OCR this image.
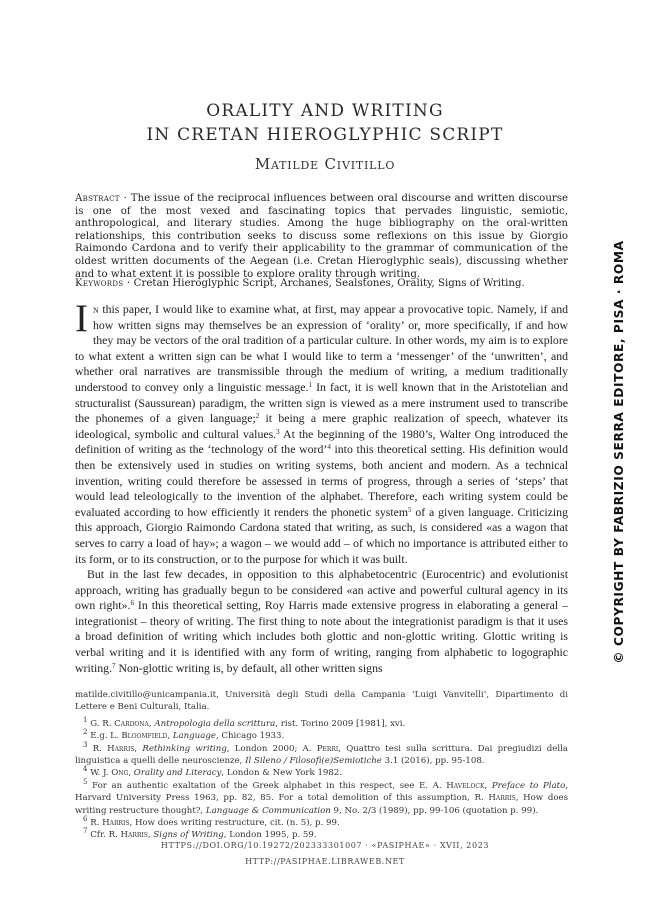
ORALITY AND WRITING
IN CRETAN HIEROGLYPHIC SCRIPT
Matilde Civitillo
Abstract · The issue of the reciprocal influences between oral discourse and written discourse is one of the most vexed and fascinating topics that pervades linguistic, semiotic, anthropological, and literary studies. Among the huge bibliography on the oral-written relationships, this contribution seeks to discuss some reflexions on this issue by Giorgio Raimondo Cardona and to verify their applicability to the grammar of communication of the oldest written documents of the Aegean (i.e. Cretan Hieroglyphic seals), discussing whether and to what extent it is possible to explore orality through writing.
Keywords · Cretan Hieroglyphic Script, Archanes, Sealstones, Orality, Signs of Writing.

In this paper, I would like to examine what, at first, may appear a provocative topic. Namely, if and how written signs may themselves be an expression of ‘orality’ or, more specifically, if and how they may be vectors of the oral tradition of a particular culture. In other words, my aim is to explore to what extent a written sign can be what I would like to term a ‘messenger’ of the ‘unwritten’, and whether oral narratives are transmissible through the medium of writing, a medium traditionally understood to convey only a linguistic message.$^1$ In fact, it is well known that in the Aristotelian and structuralist (Saussurean) paradigm, the written sign is viewed as a mere instrument used to transcribe the phonemes of a given language;$^2$ it being a mere graphic realization of speech, whatever its ideological, symbolic and cultural values.$^3$ At the beginning of the 1980’s, Walter Ong introduced the definition of writing as the ‘technology of the word’$^4$ into this theoretical setting. His definition would then be extensively used in studies on writing systems, both ancient and modern. As a technical invention, writing could therefore be assessed in terms of progress, through a series of ‘steps’ that would lead teleologically to the invention of the alphabet. Therefore, each writing system could be evaluated according to how efficiently it renders the phonetic system$^5$ of a given language. Criticizing this approach, Giorgio Raimondo Cardona stated that writing, as such, is considered «as a wagon that serves to carry a load of hay»; a wagon – we would add – of which no importance is attributed either to its form, or to its construction, or to the purpose for which it was built.

But in the last few decades, in opposition to this alphabetocentric (Eurocentric) and evolutionist approach, writing has gradually begun to be considered «an active and powerful cultural agency in its own right».$^6$ In this theoretical setting, Roy Harris made extensive progress in elaborating a general – integrationist – theory of writing. The first thing to note about the integrationist paradigm is that it uses a broad definition of writing which includes both glottic and non-glottic writing. Glottic writing is verbal writing and it is identified with any form of writing, ranging from alphabetic to logographic writing.$^7$ Non-glottic writing is, by default, all other written signs

matilde.civitillo@unicampania.it, Università degli Studi della Campania ‘Luigi Vanvitelli’, Dipartimento di Lettere e Beni Culturali, Italia.

$^1$ G. R. Cardona, Antropologia della scrittura, rist. Torino 2009 [1981], xvi.

$^2$ E.g. L. Bloomfield, Language, Chicago 1933.

$^3$ R. Harris, Rethinking writing, London 2000; A. Perri, Quattro tesi sulla scrittura. Dai pregiudizi della linguistica a quelli delle neuroscienze, Il Sileno / Filosofi(e)Semiotiche 3.1 (2016), pp. 95-108.

$^4$ W. J. Ong, Orality and Literacy, London & New York 1982.

$^5$ For an authentic exaltation of the Greek alphabet in this respect, see E. A. Havelock, Preface to Plato, Harvard University Press 1963, pp. 82, 85. For a total demolition of this assumption, R. Harris, How does writing restructure thought?, Language & Communication 9, No. 2/3 (1989), pp. 99-106 (quotation p. 99).

$^6$ R. Harris, How does writing restructure, cit. (n. 5), p. 99.

$^7$ Cfr. R. Harris, Signs of Writing, London 1995, p. 59.

HTTPS://DOI.ORG/10.19272/202333301007 · «PASIPHAE» · XVII, 2023
HTTP://PASIPHAE.LIBRAWEB.NET
© COPYRIGHT BY FABRIZIO SERRA EDITORE, PISA · ROMA
